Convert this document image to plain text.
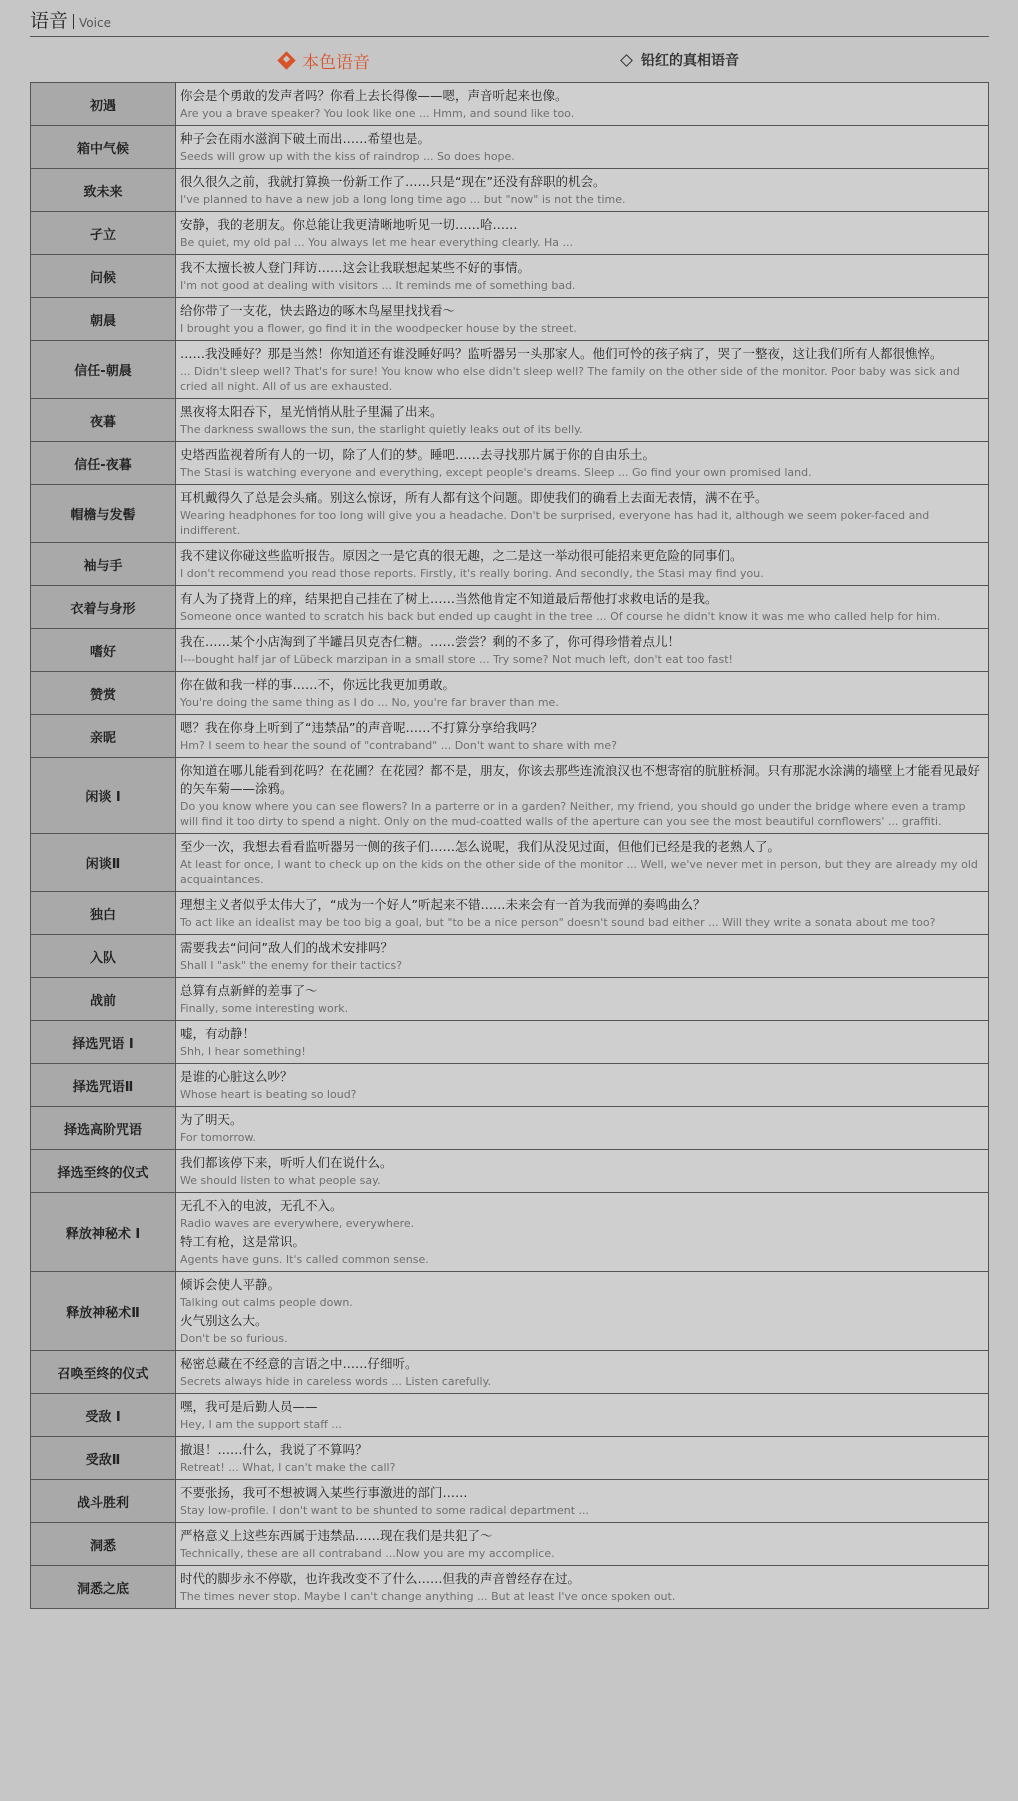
语音 Voice
本色语音	铅红的真相语音
初遇	你会是个勇敢的发声者吗？你看上去长得像——嗯，声音听起来也像。
Are you a brave speaker? You look like one ... Hmm, and sound like too.

箱中气候	种子会在雨水滋润下破土而出……希望也是。
Seeds will grow up with the kiss of raindrop ... So does hope.

致未来	很久很久之前，我就打算换一份新工作了……只是“现在”还没有辞职的机会。
I've planned to have a new job a long long time ago ... but "now" is not the time.

孑立	安静，我的老朋友。你总能让我更清晰地听见一切……哈……
Be quiet, my old pal ... You always let me hear everything clearly. Ha ...

问候	我不太擅长被人登门拜访……这会让我联想起某些不好的事情。
I'm not good at dealing with visitors ... It reminds me of something bad.

朝晨	给你带了一支花，快去路边的啄木鸟屋里找找看～
I brought you a flower, go find it in the woodpecker house by the street.

信任-朝晨	……我没睡好？那是当然！你知道还有谁没睡好吗？监听器另一头那家人。他们可怜的孩子病了，哭了一整夜，这让我们所有人都很憔悴。
... Didn't sleep well? That's for sure! You know who else didn't sleep well? The family on the other side of the monitor. Poor baby was sick and cried all night. All of us are exhausted.

夜暮	黑夜将太阳吞下，星光悄悄从肚子里漏了出来。
The darkness swallows the sun, the starlight quietly leaks out of its belly.

信任-夜暮	史塔西监视着所有人的一切，除了人们的梦。睡吧……去寻找那片属于你的自由乐土。
The Stasi is watching everyone and everything, except people's dreams. Sleep ... Go find your own promised land.

帽檐与发髻	耳机戴得久了总是会头痛。别这么惊讶，所有人都有这个问题。即使我们的确看上去面无表情，满不在乎。
Wearing headphones for too long will give you a headache. Don't be surprised, everyone has had it, although we seem poker-faced and indifferent.

袖与手	我不建议你碰这些监听报告。原因之一是它真的很无趣，之二是这一举动很可能招来更危险的同事们。
I don't recommend you read those reports. Firstly, it's really boring. And secondly, the Stasi may find you.

衣着与身形	有人为了挠背上的痒，结果把自己挂在了树上……当然他肯定不知道最后帮他打求救电话的是我。
Someone once wanted to scratch his back but ended up caught in the tree ... Of course he didn't know it was me who called help for him.

嗜好	我在……某个小店淘到了半罐吕贝克杏仁糖。……尝尝？剩的不多了，你可得珍惜着点儿！
I---bought half jar of Lübeck marzipan in a small store ... Try some? Not much left, don't eat too fast!

赞赏	你在做和我一样的事……不，你远比我更加勇敢。
You're doing the same thing as I do ... No, you're far braver than me.

亲昵	嗯？我在你身上听到了“违禁品”的声音呢……不打算分享给我吗？
Hm? I seem to hear the sound of "contraband" ... Don't want to share with me?

闲谈 I	你知道在哪儿能看到花吗？在花圃？在花园？都不是，朋友，你该去那些连流浪汉也不想寄宿的肮脏桥洞。只有那泥水涂满的墙壁上才能看见最好的矢车菊——涂鸦。
Do you know where you can see flowers? In a parterre or in a garden? Neither, my friend, you should go under the bridge where even a tramp will find it too dirty to spend a night. Only on the mud-coatted walls of the aperture can you see the most beautiful cornflowers' ... graffiti.

闲谈Ⅱ	至少一次，我想去看看监听器另一侧的孩子们……怎么说呢，我们从没见过面，但他们已经是我的老熟人了。
At least for once, I want to check up on the kids on the other side of the monitor ... Well, we've never met in person, but they are already my old acquaintances.

独白	理想主义者似乎太伟大了，“成为一个好人”听起来不错……未来会有一首为我而弹的奏鸣曲么？
To act like an idealist may be too big a goal, but "to be a nice person" doesn't sound bad either ... Will they write a sonata about me too?

入队	需要我去“问问”敌人们的战术安排吗？
Shall I "ask" the enemy for their tactics?

战前	总算有点新鲜的差事了～
Finally, some interesting work.

择选咒语 I	嘘，有动静！
Shh, I hear something!

择选咒语Ⅱ	是谁的心脏这么吵？
Whose heart is beating so loud?

择选高阶咒语	为了明天。
For tomorrow.

择选至终的仪式	我们都该停下来，听听人们在说什么。
We should listen to what people say.

释放神秘术 I	无孔不入的电波，无孔不入。
Radio waves are everywhere, everywhere.
特工有枪，这是常识。
Agents have guns. It's called common sense.

释放神秘术Ⅱ	倾诉会使人平静。
Talking out calms people down.
火气别这么大。
Don't be so furious.

召唤至终的仪式	秘密总藏在不经意的言语之中……仔细听。
Secrets always hide in careless words ... Listen carefully.

受敌 I	嘿，我可是后勤人员——
Hey, I am the support staff ...

受敌Ⅱ	撤退！……什么，我说了不算吗？
Retreat! ... What, I can't make the call?

战斗胜利	不要张扬，我可不想被调入某些行事激进的部门……
Stay low-profile. I don't want to be shunted to some radical department ...

洞悉	严格意义上这些东西属于违禁品……现在我们是共犯了～
Technically, these are all contraband ...Now you are my accomplice.

洞悉之底	时代的脚步永不停歇，也许我改变不了什么……但我的声音曾经存在过。
The times never stop. Maybe I can't change anything ... But at least I've once spoken out.
